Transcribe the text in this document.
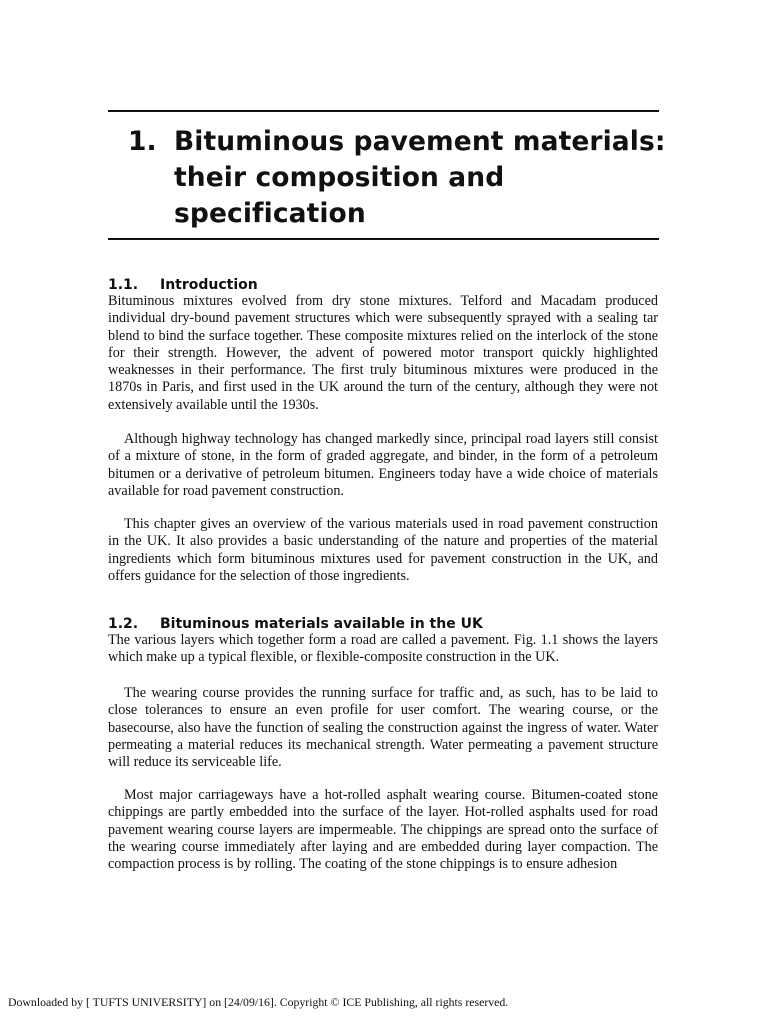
1. Bituminous pavement materials:
their composition and
specification
1.1. Introduction

Bituminous mixtures evolved from dry stone mixtures. Telford and Macadam produced individual dry-bound pavement structures which were subsequently sprayed with a sealing tar blend to bind the surface together. These composite mixtures relied on the interlock of the stone for their strength. However, the advent of powered motor transport quickly highlighted weaknesses in their performance. The first truly bituminous mixtures were produced in the 1870s in Paris, and first used in the UK around the turn of the century, although they were not extensively available until the 1930s.

Although highway technology has changed markedly since, principal road layers still consist of a mixture of stone, in the form of graded aggregate, and binder, in the form of a petroleum bitumen or a derivative of petroleum bitumen. Engineers today have a wide choice of materials available for road pavement construction.

This chapter gives an overview of the various materials used in road pavement construction in the UK. It also provides a basic understanding of the nature and properties of the material ingredients which form bituminous mixtures used for pavement construction in the UK, and offers guidance for the selection of those ingredients.

1.2. Bituminous materials available in the UK

The various layers which together form a road are called a pavement. Fig. 1.1 shows the layers which make up a typical flexible, or flexible-composite construction in the UK.

The wearing course provides the running surface for traffic and, as such, has to be laid to close tolerances to ensure an even profile for user comfort. The wearing course, or the basecourse, also have the function of sealing the construction against the ingress of water. Water permeating a material reduces its mechanical strength. Water permeating a pavement structure will reduce its serviceable life.

Most major carriageways have a hot-rolled asphalt wearing course. Bitumen-coated stone chippings are partly embedded into the surface of the layer. Hot-rolled asphalts used for road pavement wearing course layers are impermeable. The chippings are spread onto the surface of the wearing course immediately after laying and are embedded during layer compaction. The compaction process is by rolling. The coating of the stone chippings is to ensure adhesion

Downloaded by [ TUFTS UNIVERSITY] on [24/09/16]. Copyright © ICE Publishing, all rights reserved.
